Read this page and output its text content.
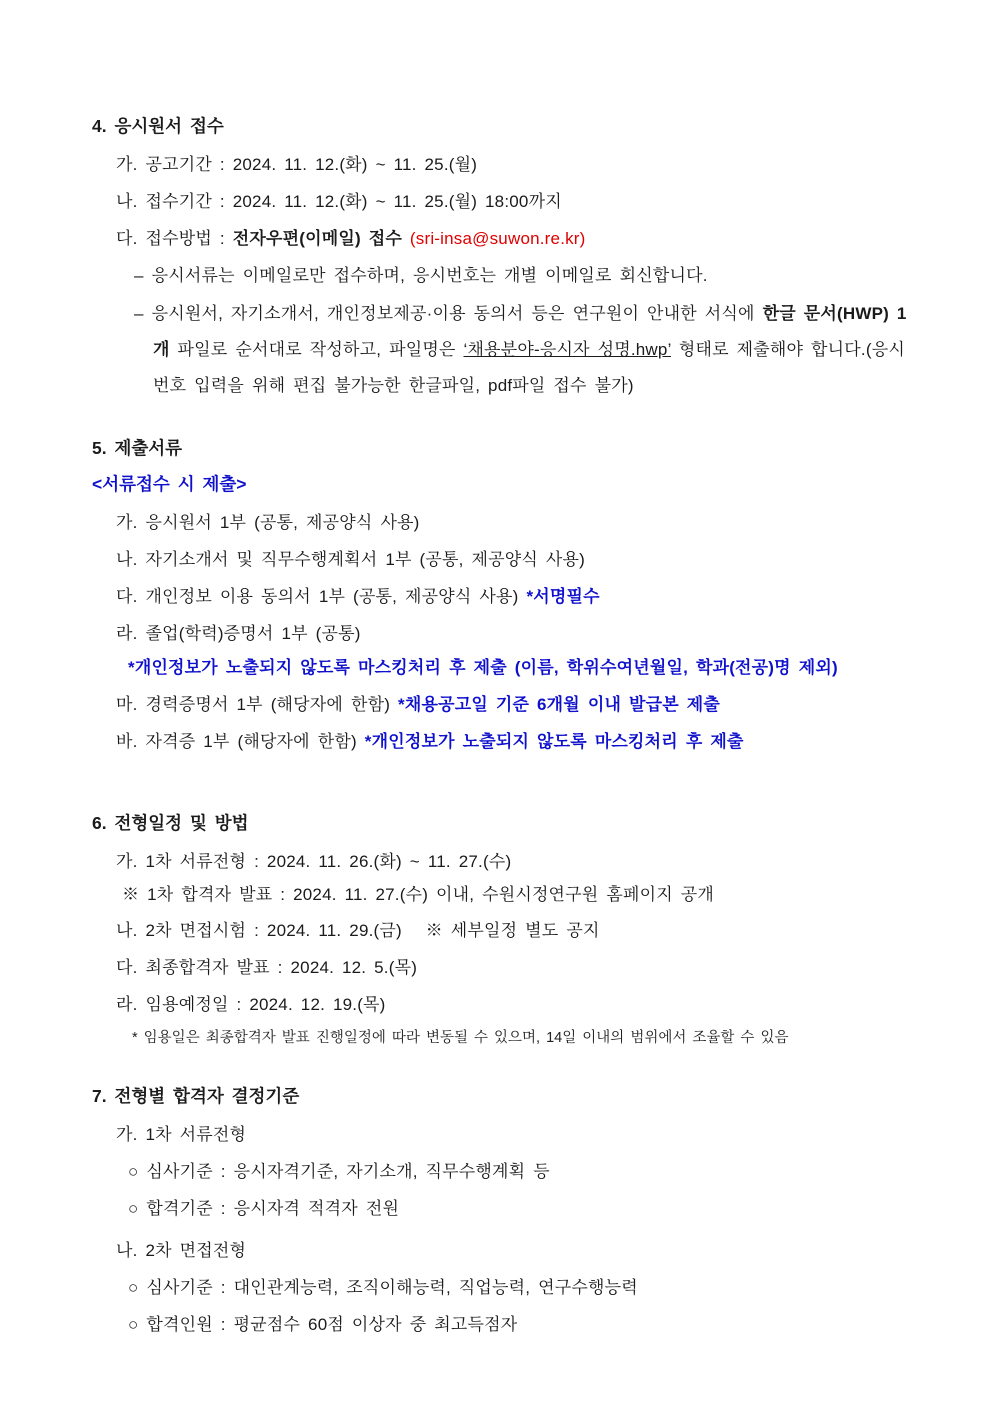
4. 응시원서 접수
가. 공고기간 : 2024. 11. 12.(화) ~ 11. 25.(월)
나. 접수기간 : 2024. 11. 12.(화) ~ 11. 25.(월) 18:00까지
다. 접수방법 : 전자우편(이메일) 접수 (sri-insa@suwon.re.kr)
– 응시서류는 이메일로만 접수하며, 응시번호는 개별 이메일로 회신합니다.
– 응시원서, 자기소개서, 개인정보제공·이용 동의서 등은 연구원이 안내한 서식에 한글 문서(HWP) 1개 파일로 순서대로 작성하고, 파일명은 ‘채용분야-응시자 성명.hwp’ 형태로 제출해야 합니다.(응시번호 입력을 위해 편집 불가능한 한글파일, pdf파일 접수 불가)
5. 제출서류
<서류접수 시 제출>
가. 응시원서 1부 (공통, 제공양식 사용)
나. 자기소개서 및 직무수행계획서 1부 (공통, 제공양식 사용)
다. 개인정보 이용 동의서 1부 (공통, 제공양식 사용) *서명필수
라. 졸업(학력)증명서 1부 (공통)
*개인정보가 노출되지 않도록 마스킹처리 후 제출 (이름, 학위수여년월일, 학과(전공)명 제외)
마. 경력증명서 1부 (해당자에 한함) *채용공고일 기준 6개월 이내 발급본 제출
바. 자격증 1부 (해당자에 한함) *개인정보가 노출되지 않도록 마스킹처리 후 제출
6. 전형일정 및 방법
가. 1차 서류전형 : 2024. 11. 26.(화) ~ 11. 27.(수)
※ 1차 합격자 발표 : 2024. 11. 27.(수) 이내, 수원시정연구원 홈페이지 공개
나. 2차 면접시험 : 2024. 11. 29.(금)   ※ 세부일정 별도 공지
다. 최종합격자 발표 : 2024. 12. 5.(목)
라. 임용예정일 : 2024. 12. 19.(목)
* 임용일은 최종합격자 발표 진행일정에 따라 변동될 수 있으며, 14일 이내의 범위에서 조율할 수 있음
7. 전형별 합격자 결정기준
가. 1차 서류전형
○ 심사기준 : 응시자격기준, 자기소개, 직무수행계획 등
○ 합격기준 : 응시자격 적격자 전원
나. 2차 면접전형
○ 심사기준 : 대인관계능력, 조직이해능력, 직업능력, 연구수행능력
○ 합격인원 : 평균점수 60점 이상자 중 최고득점자
